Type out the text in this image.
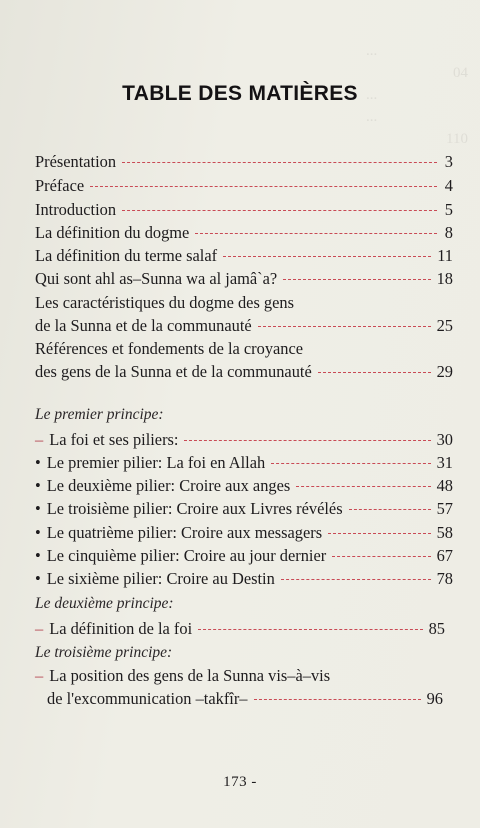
...
04
...
...
110
TABLE DES MATIÈRES
Présentation	3
Préface	4
Introduction	5
La définition du dogme	8
La définition du terme salaf	11
Qui sont ahl as–Sunna wa al jamâ`a?	18
Les caractéristiques du dogme des gens
de la Sunna et de la communauté	25
Références et fondements de la croyance
des gens de la Sunna et de la communauté	29
Le premier principe:
– La foi et ses piliers:	30
• Le premier pilier: La foi en Allah	31
• Le deuxième pilier: Croire aux anges	48
• Le troisième pilier: Croire aux Livres révélés	57
• Le quatrième pilier: Croire aux messagers	58
• Le cinquième pilier: Croire au jour dernier	67
• Le sixième pilier: Croire au Destin	78
Le deuxième principe:
– La définition de la foi	85
Le troisième principe:
– La position des gens de la Sunna vis–à–vis
de l'excommunication –takfîr–	96
173 -
